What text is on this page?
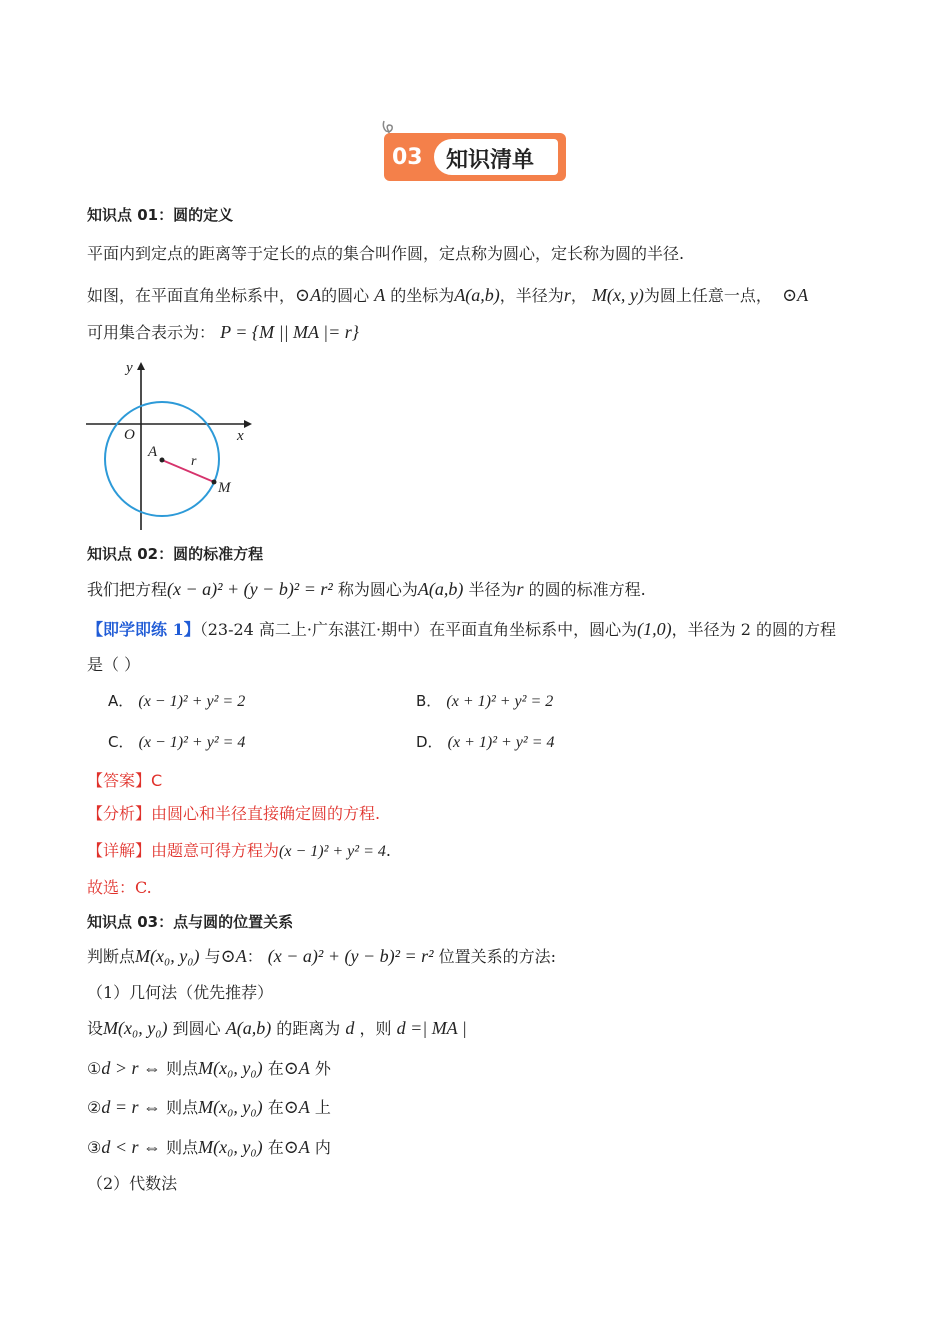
03 知识清单
知识点 01：圆的定义
平面内到定点的距离等于定长的点的集合叫作圆，定点称为圆心，定长称为圆的半径.
如图，在平面直角坐标系中，⊙A的圆心 A 的坐标为A(a,b)，半径为r， M(x, y)为圆上任意一点， ⊙A
可用集合表示为： P = {M || MA |= r}
y
x
O
A
r
M
知识点 02：圆的标准方程
我们把方程(x − a)² + (y − b)² = r² 称为圆心为A(a,b) 半径为r 的圆的标准方程.
【即学即练 1】（23-24 高二上·广东湛江·期中）在平面直角坐标系中，圆心为(1,0)，半径为 2 的圆的方程
是（ ）
A． (x − 1)² + y² = 2	B． (x + 1)² + y² = 2
C． (x − 1)² + y² = 4	D． (x + 1)² + y² = 4
【答案】C
【分析】由圆心和半径直接确定圆的方程.
【详解】由题意可得方程为(x − 1)² + y² = 4.
故选：C.
知识点 03：点与圆的位置关系
判断点M(x₀, y₀) 与⊙A： (x − a)² + (y − b)² = r² 位置关系的方法:
（1）几何法（优先推荐）
设M(x₀, y₀) 到圆心 A(a,b) 的距离为 d ，则 d =| MA |
①d > r ⇔ 则点M(x₀, y₀) 在⊙A 外
②d = r ⇔ 则点M(x₀, y₀) 在⊙A 上
③d < r ⇔ 则点M(x₀, y₀) 在⊙A 内
（2）代数法
